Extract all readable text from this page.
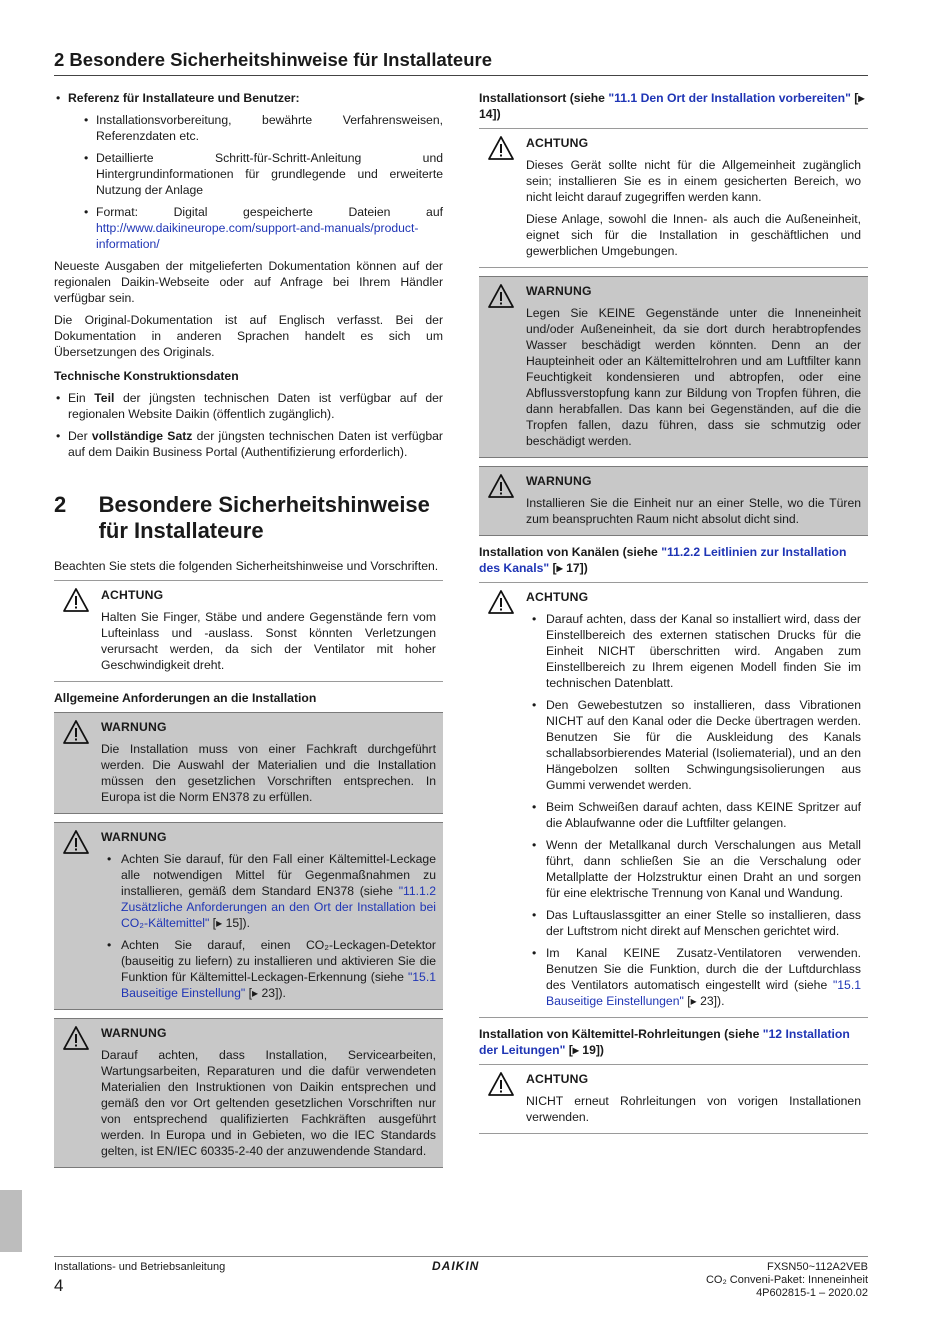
2 Besondere Sicherheitshinweise für Installateure
• Referenz für Installateure und Benutzer:
• Installationsvorbereitung, bewährte Verfahrensweisen, Referenzdaten etc.
• Detaillierte Schritt-für-Schritt-Anleitung und Hintergrundinformationen für grundlegende und erweiterte Nutzung der Anlage
• Format: Digital gespeicherte Dateien auf http://www.daikineurope.com/support-and-manuals/product-information/

Neueste Ausgaben der mitgelieferten Dokumentation können auf der regionalen Daikin-Webseite oder auf Anfrage bei Ihrem Händler verfügbar sein.

Die Original-Dokumentation ist auf Englisch verfasst. Bei der Dokumentation in anderen Sprachen handelt es sich um Übersetzungen des Originals.

Technische Konstruktionsdaten
• Ein Teil der jüngsten technischen Daten ist verfügbar auf der regionalen Website Daikin (öffentlich zugänglich).
• Der vollständige Satz der jüngsten technischen Daten ist verfügbar auf dem Daikin Business Portal (Authentifizierung erforderlich).
2	Besondere Sicherheitshinweise für Installateure

Beachten Sie stets die folgenden Sicherheitshinweise und Vorschriften.

ACHTUNG

Halten Sie Finger, Stäbe und andere Gegenstände fern vom Lufteinlass und -auslass. Sonst könnten Verletzungen verursacht werden, da sich der Ventilator mit hoher Geschwindigkeit dreht.

Allgemeine Anforderungen an die Installation
WARNUNG

Die Installation muss von einer Fachkraft durchgeführt werden. Die Auswahl der Materialien und die Installation müssen den gesetzlichen Vorschriften entsprechen. In Europa ist die Norm EN378 zu erfüllen.

WARNUNG
• Achten Sie darauf, für den Fall einer Kältemittel-Leckage alle notwendigen Mittel für Gegenmaßnahmen zu installieren, gemäß dem Standard EN378 (siehe "11.1.2 Zusätzliche Anforderungen an den Ort der Installation bei CO₂-Kältemittel" [▸ 15]).
• Achten Sie darauf, einen CO₂-Leckagen-Detektor (bauseitig zu liefern) zu installieren und aktivieren Sie die Funktion für Kältemittel-Leckagen-Erkennung (siehe "15.1 Bauseitige Einstellung" [▸ 23]).
WARNUNG

Darauf achten, dass Installation, Servicearbeiten, Wartungsarbeiten, Reparaturen und die dafür verwendeten Materialien den Instruktionen von Daikin entsprechen und gemäß den vor Ort geltenden gesetzlichen Vorschriften nur von entsprechend qualifizierten Fachkräften ausgeführt werden. In Europa und in Gebieten, wo die IEC Standards gelten, ist EN/IEC 60335-2-40 der anzuwendende Standard.

Installationsort (siehe "11.1 Den Ort der Installation vorbereiten" [▸ 14])
ACHTUNG

Dieses Gerät sollte nicht für die Allgemeinheit zugänglich sein; installieren Sie es in einem gesicherten Bereich, wo nicht leicht darauf zugegriffen werden kann.

Diese Anlage, sowohl die Innen- als auch die Außeneinheit, eignet sich für die Installation in geschäftlichen und gewerblichen Umgebungen.

WARNUNG

Legen Sie KEINE Gegenstände unter die Inneneinheit und/oder Außeneinheit, da sie dort durch herabtropfendes Wasser beschädigt werden könnten. Denn an der Haupteinheit oder an Kältemittelrohren und am Luftfilter kann Feuchtigkeit kondensieren und abtropfen, oder eine Abflussverstopfung kann zur Bildung von Tropfen führen, die dann herabfallen. Das kann bei Gegenständen, auf die die Tropfen fallen, dazu führen, dass sie schmutzig oder beschädigt werden.

WARNUNG

Installieren Sie die Einheit nur an einer Stelle, wo die Türen zum beanspruchten Raum nicht absolut dicht sind.

Installation von Kanälen (siehe "11.2.2 Leitlinien zur Installation des Kanals" [▸ 17])
ACHTUNG
• Darauf achten, dass der Kanal so installiert wird, dass der Einstellbereich des externen statischen Drucks für die Einheit NICHT überschritten wird. Angaben zum Einstellbereich zu Ihrem eigenen Modell finden Sie im technischen Datenblatt.
• Den Gewebestutzen so installieren, dass Vibrationen NICHT auf den Kanal oder die Decke übertragen werden. Benutzen Sie für die Auskleidung des Kanals schallabsorbierendes Material (Isoliematerial), und an den Hängebolzen sollten Schwingungsisolierungen aus Gummi verwendet werden.
• Beim Schweißen darauf achten, dass KEINE Spritzer auf die Ablaufwanne oder die Luftfilter gelangen.
• Wenn der Metallkanal durch Verschalungen aus Metall führt, dann schließen Sie an die Verschalung oder Metallplatte der Holzstruktur einen Draht an und sorgen für eine elektrische Trennung von Kanal und Wandung.
• Das Luftauslassgitter an einer Stelle so installieren, dass der Luftstrom nicht direkt auf Menschen gerichtet wird.
• Im Kanal KEINE Zusatz-Ventilatoren verwenden. Benutzen Sie die Funktion, durch die der Luftdurchlass des Ventilators automatisch eingestellt wird (siehe "15.1 Bauseitige Einstellungen" [▸ 23]).
Installation von Kältemittel-Rohrleitungen (siehe "12 Installation der Leitungen" [▸ 19])
ACHTUNG

NICHT erneut Rohrleitungen von vorigen Installationen verwenden.

Installations- und Betriebsanleitung
4
DAIKIN	FXSN50~112A2VEB
CO₂ Conveni-Paket: Inneneinheit
4P602815-1 – 2020.02
